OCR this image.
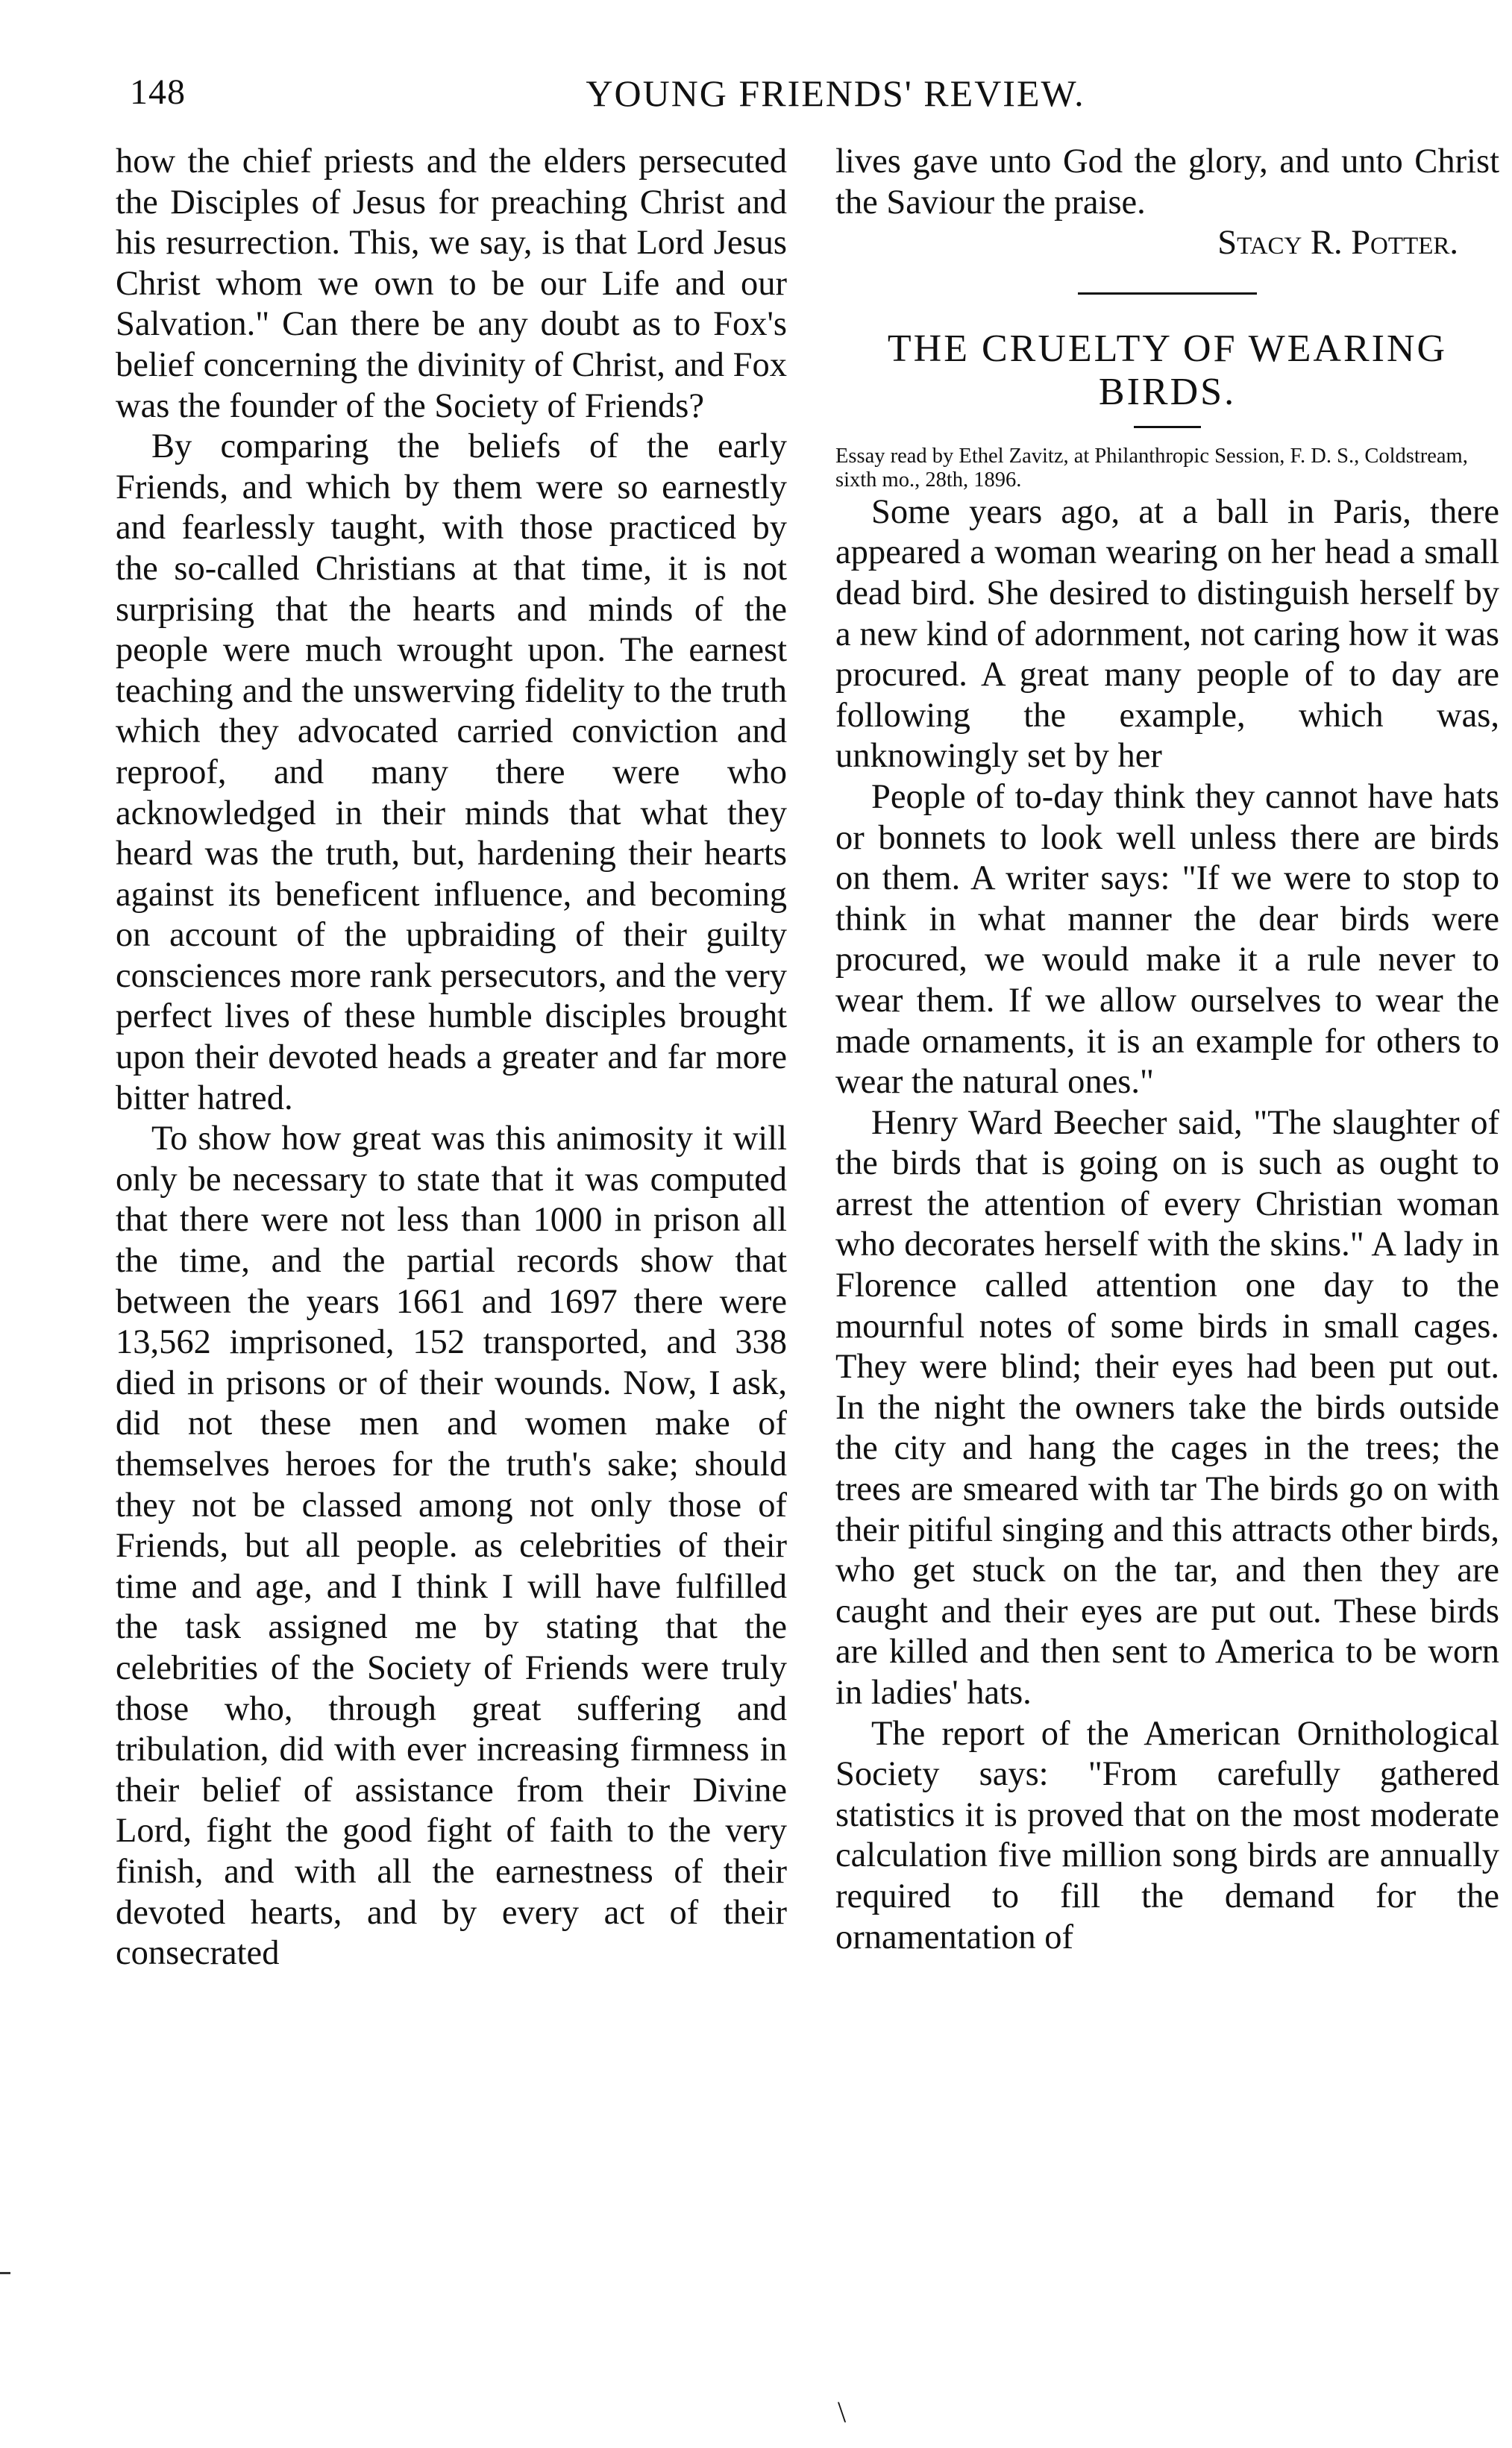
148	YOUNG FRIENDS' REVIEW.

how the chief priests and the elders persecuted the Disciples of Jesus for preaching Christ and his resurrection. This, we say, is that Lord Jesus Christ whom we own to be our Life and our Salvation." Can there be any doubt as to Fox's belief concerning the divinity of Christ, and Fox was the founder of the Society of Friends?

By comparing the beliefs of the early Friends, and which by them were so earnestly and fearlessly taught, with those practiced by the so-called Christians at that time, it is not surprising that the hearts and minds of the people were much wrought upon. The earnest teaching and the unswerving fidelity to the truth which they advocated carried conviction and reproof, and many there were who acknowledged in their minds that what they heard was the truth, but, hardening their hearts against its beneficent influence, and becoming on account of the upbraiding of their guilty consciences more rank persecutors, and the very perfect lives of these humble disciples brought upon their devoted heads a greater and far more bitter hatred.

To show how great was this animosity it will only be necessary to state that it was computed that there were not less than 1000 in prison all the time, and the partial records show that between the years 1661 and 1697 there were 13,562 imprisoned, 152 transported, and 338 died in prisons or of their wounds. Now, I ask, did not these men and women make of themselves heroes for the truth's sake; should they not be classed among not only those of Friends, but all people. as celebrities of their time and age, and I think I will have fulfilled the task assigned me by stating that the celebrities of the Society of Friends were truly those who, through great suffering and tribulation, did with ever increasing firmness in their belief of assistance from their Divine Lord, fight the good fight of faith to the very finish, and with all the earnestness of their devoted hearts, and by every act of their consecrated

lives gave unto God the glory, and unto Christ the Saviour the praise.

Stacy R. Potter.

THE CRUELTY OF WEARING BIRDS.

Essay read by Ethel Zavitz, at Philanthropic Session, F. D. S., Coldstream, sixth mo., 28th, 1896.

Some years ago, at a ball in Paris, there appeared a woman wearing on her head a small dead bird. She desired to distinguish herself by a new kind of adornment, not caring how it was procured. A great many people of to day are following the example, which was, unknowingly set by her

People of to-day think they cannot have hats or bonnets to look well unless there are birds on them. A writer says: "If we were to stop to think in what manner the dear birds were procured, we would make it a rule never to wear them. If we allow ourselves to wear the made ornaments, it is an example for others to wear the natural ones."

Henry Ward Beecher said, "The slaughter of the birds that is going on is such as ought to arrest the attention of every Christian woman who decorates herself with the skins." A lady in Florence called attention one day to the mournful notes of some birds in small cages. They were blind; their eyes had been put out. In the night the owners take the birds outside the city and hang the cages in the trees; the trees are smeared with tar The birds go on with their pitiful singing and this attracts other birds, who get stuck on the tar, and then they are caught and their eyes are put out. These birds are killed and then sent to America to be worn in ladies' hats.

The report of the American Ornithological Society says: "From carefully gathered statistics it is proved that on the most moderate calculation five million song birds are annually required to fill the demand for the ornamentation of

\
